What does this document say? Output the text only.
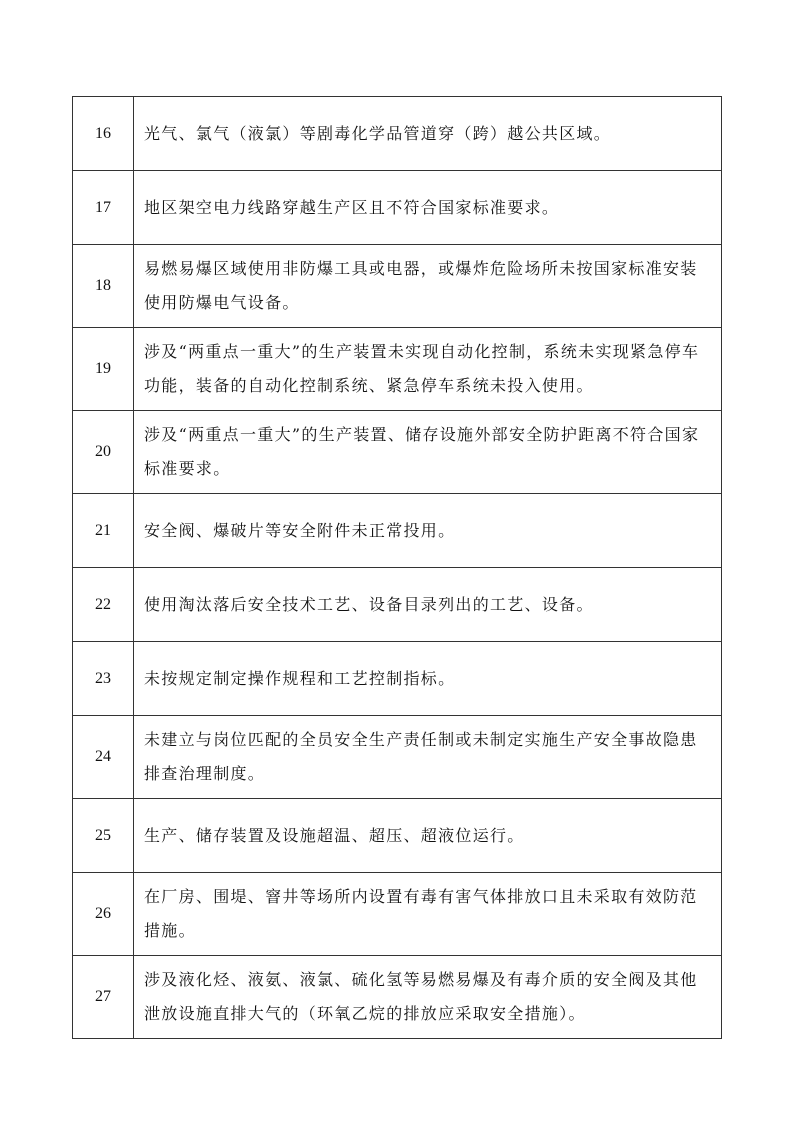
16	光气、氯气（液氯）等剧毒化学品管道穿（跨）越公共区域。
17	地区架空电力线路穿越生产区且不符合国家标准要求。
18	易燃易爆区域使用非防爆工具或电器，或爆炸危险场所未按国家标准安装使用防爆电气设备。
19	涉及“两重点一重大”的生产装置未实现自动化控制，系统未实现紧急停车功能，装备的自动化控制系统、紧急停车系统未投入使用。
20	涉及“两重点一重大”的生产装置、储存设施外部安全防护距离不符合国家标准要求。
21	安全阀、爆破片等安全附件未正常投用。
22	使用淘汰落后安全技术工艺、设备目录列出的工艺、设备。
23	未按规定制定操作规程和工艺控制指标。
24	未建立与岗位匹配的全员安全生产责任制或未制定实施生产安全事故隐患排查治理制度。
25	生产、储存装置及设施超温、超压、超液位运行。
26	在厂房、围堤、窨井等场所内设置有毒有害气体排放口且未采取有效防范措施。
27	涉及液化烃、液氨、液氯、硫化氢等易燃易爆及有毒介质的安全阀及其他泄放设施直排大气的（环氧乙烷的排放应采取安全措施）。
